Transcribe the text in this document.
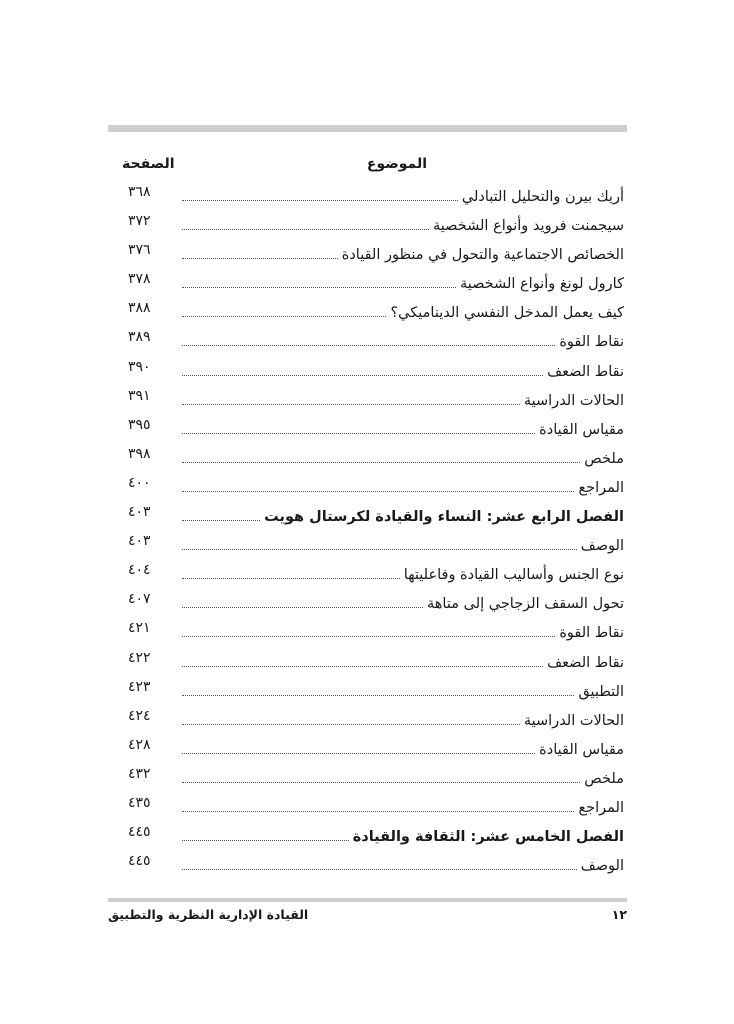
الموضوع
الصفحة
أريك بيرن والتحليل التبادلي
٣٦٨
سيجمنت فرويد وأنواع الشخصية
٣٧٢
الخصائص الاجتماعية والتحول في منظور القيادة
٣٧٦
كارول لونغ وأنواع الشخصية
٣٧٨
كيف يعمل المدخل النفسي الديناميكي؟
٣٨٨
نقاط القوة
٣٨٩
نقاط الضعف
٣٩٠
الحالات الدراسية
٣٩١
مقياس القيادة
٣٩٥
ملخص
٣٩٨
المراجع
٤٠٠
الفصل الرابع عشر: النساء والقيادة لكرستال هويت
٤٠٣
الوصف
٤٠٣
نوع الجنس وأساليب القيادة وفاعليتها
٤٠٤
تحول السقف الزجاجي إلى متاهة
٤٠٧
نقاط القوة
٤٢١
نقاط الضعف
٤٢٢
التطبيق
٤٢٣
الحالات الدراسية
٤٢٤
مقياس القيادة
٤٢٨
ملخص
٤٣٢
المراجع
٤٣٥
الفصل الخامس عشر: الثقافة والقيادة
٤٤٥
الوصف
٤٤٥
١٢
القيادة الإدارية النظرية والتطبيق
